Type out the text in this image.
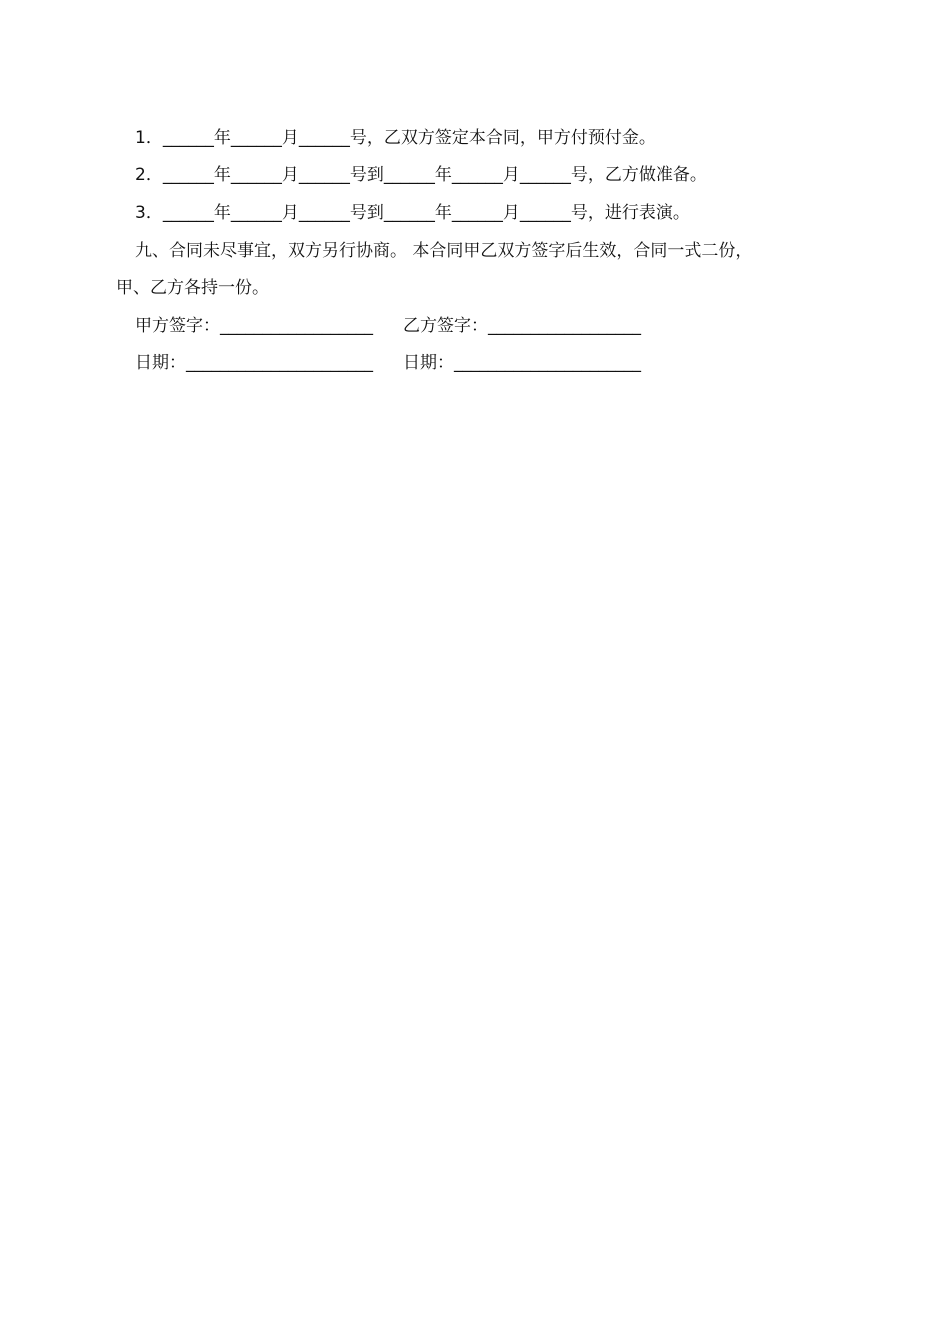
1．______年______月______号，乙双方签定本合同，甲方付预付金。
2．______年______月______号到______年______月______号，乙方做准备。
3．______年______月______号到______年______月______号，进行表演。
九、合同未尽事宜，双方另行协商。 本合同甲乙双方签字后生效，合同一式二份，
甲、乙方各持一份。
甲方签字：__________________ 乙方签字：__________________
日期：______________________ 日期：______________________
